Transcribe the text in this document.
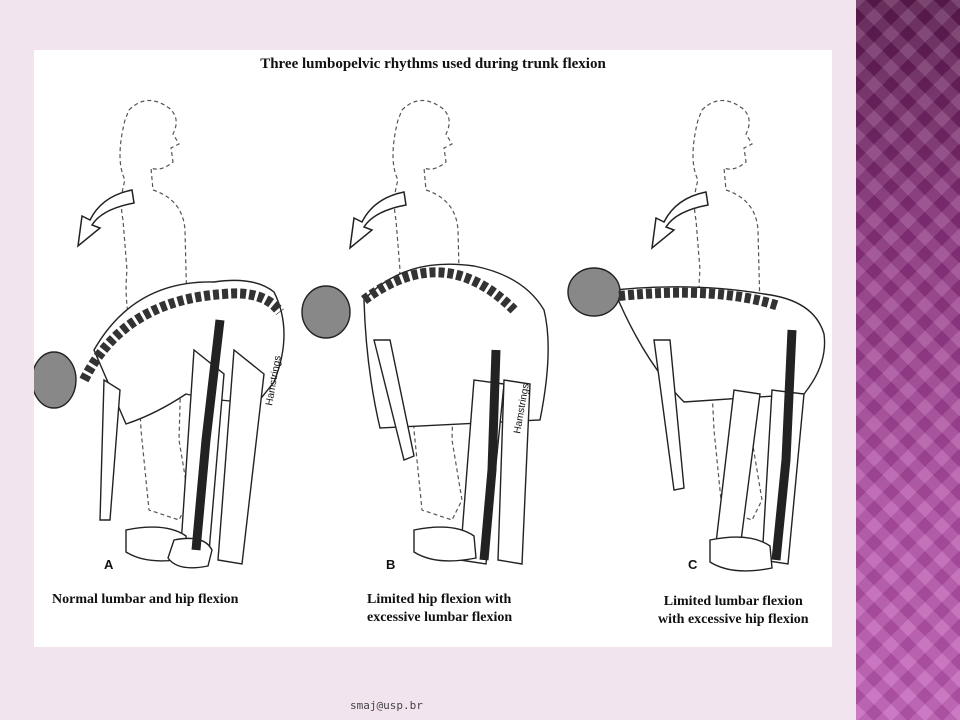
Hamstrings
Hamstrings
Three lumbopelvic rhythms used during trunk flexion
A	B	C
Normal lumbar and hip flexion	Limited hip flexion with
excessive lumbar flexion
Limited lumbar flexion
with excessive hip flexion
smaj@usp.br
